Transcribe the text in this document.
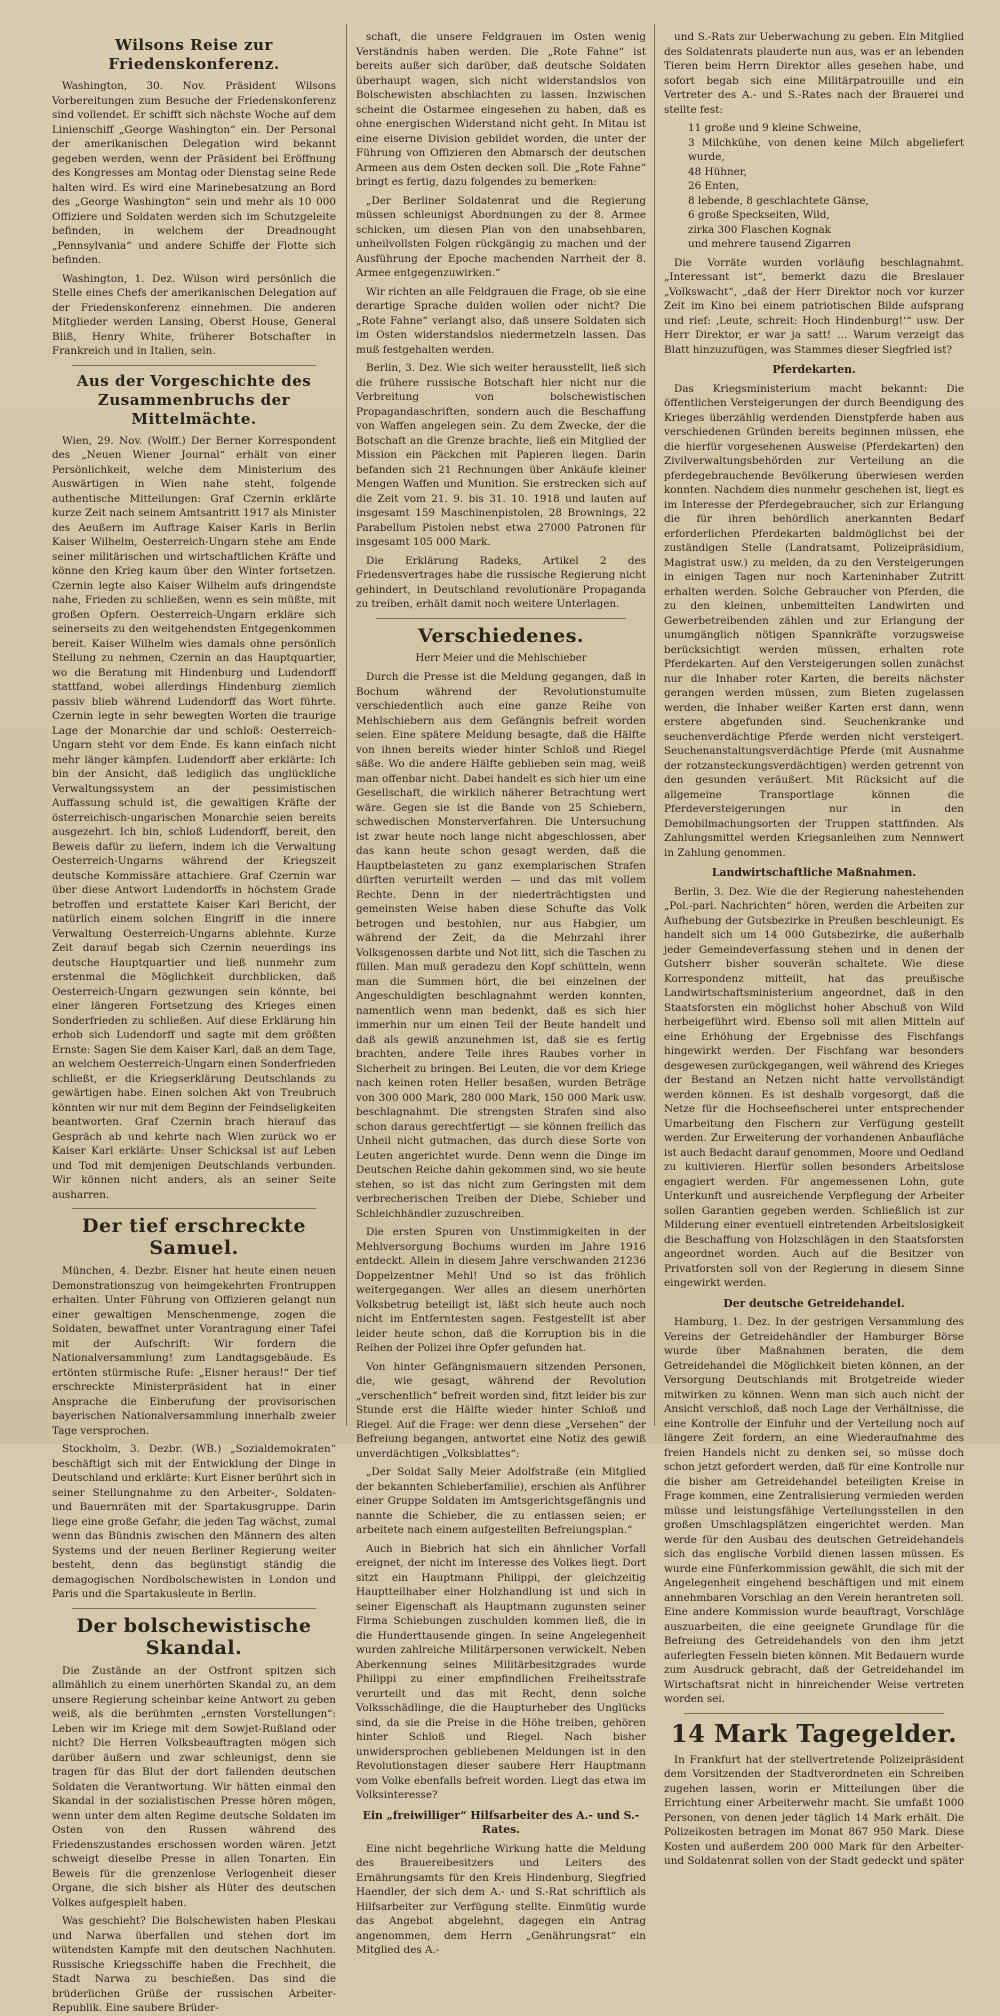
Wilsons Reise zur Friedenskonferenz.

Washington, 30. Nov. Präsident Wilsons Vorbereitungen zum Besuche der Friedenskonferenz sind vollendet. Er schifft sich nächste Woche auf dem Linienschiff „George Washington“ ein. Der Personal der amerikanischen Delegation wird bekannt gegeben werden, wenn der Präsident bei Eröffnung des Kongresses am Montag oder Dienstag seine Rede halten wird. Es wird eine Marinebesatzung an Bord des „George Washington“ sein und mehr als 10 000 Offiziere und Soldaten werden sich im Schutzgeleite befinden, in welchem der Dreadnought „Pennsylvania“ und andere Schiffe der Flotte sich befinden.

Washington, 1. Dez. Wilson wird persönlich die Stelle eines Chefs der amerikanischen Delegation auf der Friedenskonferenz einnehmen. Die anderen Mitglieder werden Lansing, Oberst House, General Bliß, Henry White, früherer Botschafter in Frankreich und in Italien, sein.

Aus der Vorgeschichte des Zusammenbruchs der Mittelmächte.

Wien, 29. Nov. (Wolff.) Der Berner Korrespondent des „Neuen Wiener Journal“ erhält von einer Persönlichkeit, welche dem Ministerium des Auswärtigen in Wien nahe steht, folgende authentische Mitteilungen: Graf Czernin erklärte kurze Zeit nach seinem Amtsantritt 1917 als Minister des Aeußern im Auftrage Kaiser Karls in Berlin Kaiser Wilhelm, Oesterreich-Ungarn stehe am Ende seiner militärischen und wirtschaftlichen Kräfte und könne den Krieg kaum über den Winter fortsetzen. Czernin legte also Kaiser Wilhelm aufs dringendste nahe, Frieden zu schließen, wenn es sein müßte, mit großen Opfern. Oesterreich-Ungarn erkläre sich seinerseits zu den weitgehendsten Entgegenkommen bereit. Kaiser Wilhelm wies damals ohne persönlich Stellung zu nehmen, Czernin an das Hauptquartier, wo die Beratung mit Hindenburg und Ludendorff stattfand, wobei allerdings Hindenburg ziemlich passiv blieb während Ludendorff das Wort führte. Czernin legte in sehr bewegten Worten die traurige Lage der Monarchie dar und schloß: Oesterreich-Ungarn steht vor dem Ende. Es kann einfach nicht mehr länger kämpfen. Ludendorff aber erklärte: Ich bin der Ansicht, daß lediglich das unglückliche Verwaltungssystem an der pessimistischen Auffassung schuld ist, die gewaltigen Kräfte der österreichisch-ungarischen Monarchie seien bereits ausgezehrt. Ich bin, schloß Ludendorff, bereit, den Beweis dafür zu liefern, indem ich die Verwaltung Oesterreich-Ungarns während der Kriegszeit deutsche Kommissäre attachiere. Graf Czernin war über diese Antwort Ludendorffs in höchstem Grade betroffen und erstattete Kaiser Karl Bericht, der natürlich einem solchen Eingriff in die innere Verwaltung Oesterreich-Ungarns ablehnte. Kurze Zeit darauf begab sich Czernin neuerdings ins deutsche Hauptquartier und ließ nunmehr zum erstenmal die Möglichkeit durchblicken, daß Oesterreich-Ungarn gezwungen sein könnte, bei einer längeren Fortsetzung des Krieges einen Sonderfrieden zu schließen. Auf diese Erklärung hin erhob sich Ludendorff und sagte mit dem größten Ernste: Sagen Sie dem Kaiser Karl, daß an dem Tage, an welchem Oesterreich-Ungarn einen Sonderfrieden schließt, er die Kriegserklärung Deutschlands zu gewärtigen habe. Einen solchen Akt von Treubruch könnten wir nur mit dem Beginn der Feindseligkeiten beantworten. Graf Czernin brach hierauf das Gespräch ab und kehrte nach Wien zurück wo er Kaiser Karl erklärte: Unser Schicksal ist auf Leben und Tod mit demjenigen Deutschlands verbunden. Wir können nicht anders, als an seiner Seite ausharren.

Der tief erschreckte Samuel.

München, 4. Dezbr. Eisner hat heute einen neuen Demonstrationszug von heimgekehrten Frontruppen erhalten. Unter Führung von Offizieren gelangt nun einer gewaltigen Menschenmenge, zogen die Soldaten, bewaffnet unter Vorantragung einer Tafel mit der Aufschrift: Wir fordern die Nationalversammlung! zum Landtagsgebäude. Es ertönten stürmische Rufe: „Eisner heraus!“ Der tief erschreckte Ministerpräsident hat in einer Ansprache die Einberufung der provisorischen bayerischen Nationalversammlung innerhalb zweier Tage versprochen.

Stockholm, 3. Dezbr. (WB.) „Sozialdemokraten“ beschäftigt sich mit der Entwicklung der Dinge in Deutschland und erklärte: Kurt Eisner berührt sich in seiner Stellungnahme zu den Arbeiter-, Soldaten- und Bauernräten mit der Spartakusgruppe. Darin liege eine große Gefahr, die jeden Tag wächst, zumal wenn das Bündnis zwischen den Männern des alten Systems und der neuen Berliner Regierung weiter besteht, denn das begünstigt ständig die demagogischen Nordbolschewisten in London und Paris und die Spartakusleute in Berlin.

Der bolschewistische Skandal.

Die Zustände an der Ostfront spitzen sich allmählich zu einem unerhörten Skandal zu, an dem unsere Regierung scheinbar keine Antwort zu geben weiß, als die berühmten „ernsten Vorstellungen“: Leben wir im Kriege mit dem Sowjet-Rußland oder nicht? Die Herren Volksbeauftragten mögen sich darüber äußern und zwar schleunigst, denn sie tragen für das Blut der dort fallenden deutschen Soldaten die Verantwortung. Wir hätten einmal den Skandal in der sozialistischen Presse hören mögen, wenn unter dem alten Regime deutsche Soldaten im Osten von den Russen während des Friedenszustandes erschossen worden wären. Jetzt schweigt dieselbe Presse in allen Tonarten. Ein Beweis für die grenzenlose Verlogenheit dieser Organe, die sich bisher als Hüter des deutschen Volkes aufgespielt haben.

Was geschieht? Die Bolschewisten haben Pleskau und Narwa überfallen und stehen dort im wütendsten Kampfe mit den deutschen Nachhuten. Russische Kriegsschiffe haben die Frechheit, die Stadt Narwa zu beschießen. Das sind die brüderlichen Grüße der russischen Arbeiter-Republik. Eine saubere Brüder-

schaft, die unsere Feldgrauen im Osten wenig Verständnis haben werden. Die „Rote Fahne“ ist bereits außer sich darüber, daß deutsche Soldaten überhaupt wagen, sich nicht widerstandslos von Bolschewisten abschlachten zu lassen. Inzwischen scheint die Ostarmee eingesehen zu haben, daß es ohne energischen Widerstand nicht geht. In Mitau ist eine eiserne Division gebildet worden, die unter der Führung von Offizieren den Abmarsch der deutschen Armeen aus dem Osten decken soll. Die „Rote Fahne“ bringt es fertig, dazu folgendes zu bemerken:

„Der Berliner Soldatenrat und die Regierung müssen schleunigst Abordnungen zu der 8. Armee schicken, um diesen Plan von den unabsehbaren, unheilvollsten Folgen rückgängig zu machen und der Ausführung der Epoche machenden Narrheit der 8. Armee entgegenzuwirken.“

Wir richten an alle Feldgrauen die Frage, ob sie eine derartige Sprache dulden wollen oder nicht? Die „Rote Fahne“ verlangt also, daß unsere Soldaten sich im Osten widerstandslos niedermetzeln lassen. Das muß festgehalten werden.

Berlin, 3. Dez. Wie sich weiter herausstellt, ließ sich die frühere russische Botschaft hier nicht nur die Verbreitung von bolschewistischen Propagandaschriften, sondern auch die Beschaffung von Waffen angelegen sein. Zu dem Zwecke, der die Botschaft an die Grenze brachte, ließ ein Mitglied der Mission ein Päckchen mit Papieren liegen. Darin befanden sich 21 Rechnungen über Ankäufe kleiner Mengen Waffen und Munition. Sie erstrecken sich auf die Zeit vom 21. 9. bis 31. 10. 1918 und lauten auf insgesamt 159 Maschinenpistolen, 28 Brownings, 22 Parabellum Pistolen nebst etwa 27000 Patronen für insgesamt 105 000 Mark.

Die Erklärung Radeks, Artikel 2 des Friedensvertrages habe die russische Regierung nicht gehindert, in Deutschland revolutionäre Propaganda zu treiben, erhält damit noch weitere Unterlagen.

Verschiedenes.
Herr Meier und die Mehlschieber

Durch die Presse ist die Meldung gegangen, daß in Bochum während der Revolutionstumulte verschiedentlich auch eine ganze Reihe von Mehlschiebern aus dem Gefängnis befreit worden seien. Eine spätere Meldung besagte, daß die Hälfte von ihnen bereits wieder hinter Schloß und Riegel säße. Wo die andere Hälfte geblieben sein mag, weiß man offenbar nicht. Dabei handelt es sich hier um eine Gesellschaft, die wirklich näherer Betrachtung wert wäre. Gegen sie ist die Bande von 25 Schiebern, schwedischen Monsterverfahren. Die Untersuchung ist zwar heute noch lange nicht abgeschlossen, aber das kann heute schon gesagt werden, daß die Hauptbelasteten zu ganz exemplarischen Strafen dürften verurteilt werden — und das mit vollem Rechte. Denn in der niederträchtigsten und gemeinsten Weise haben diese Schufte das Volk betrogen und bestohlen, nur aus Habgier, um während der Zeit, da die Mehrzahl ihrer Volksgenossen darbte und Not litt, sich die Taschen zu füllen. Man muß geradezu den Kopf schütteln, wenn man die Summen hört, die bei einzelnen der Angeschuldigten beschlagnahmt werden konnten, namentlich wenn man bedenkt, daß es sich hier immerhin nur um einen Teil der Beute handelt und daß als gewiß anzunehmen ist, daß sie es fertig brachten, andere Teile ihres Raubes vorher in Sicherheit zu bringen. Bei Leuten, die vor dem Kriege nach keinen roten Heller besaßen, wurden Beträge von 300 000 Mark, 280 000 Mark, 150 000 Mark usw. beschlagnahmt. Die strengsten Strafen sind also schon daraus gerechtfertigt — sie können freilich das Unheil nicht gutmachen, das durch diese Sorte von Leuten angerichtet wurde. Denn wenn die Dinge im Deutschen Reiche dahin gekommen sind, wo sie heute stehen, so ist das nicht zum Geringsten mit dem verbrecherischen Treiben der Diebe, Schieber und Schleichhändler zuzuschreiben.

Die ersten Spuren von Unstimmigkeiten in der Mehlversorgung Bochums wurden im Jahre 1916 entdeckt. Allein in diesem Jahre verschwanden 21236 Doppelzentner Mehl! Und so ist das fröhlich weitergegangen. Wer alles an diesem unerhörten Volksbetrug beteiligt ist, läßt sich heute auch noch nicht im Entferntesten sagen. Festgestellt ist aber leider heute schon, daß die Korruption bis in die Reihen der Polizei ihre Opfer gefunden hat.

Von hinter Gefängnismauern sitzenden Personen, die, wie gesagt, während der Revolution „verschentlich“ befreit worden sind, fitzt leider bis zur Stunde erst die Hälfte wieder hinter Schloß und Riegel. Auf die Frage: wer denn diese „Versehen“ der Befreiung begangen, antwortet eine Notiz des gewiß unverdächtigen „Volksblattes“:

„Der Soldat Sally Meier Adolfstraße (ein Mitglied der bekannten Schieberfamilie), erschien als Anführer einer Gruppe Soldaten im Amtsgerichtsgefängnis und nannte die Schieber, die zu entlassen seien; er arbeitete nach einem aufgestellten Befreiungsplan.“

Auch in Biebrich hat sich ein ähnlicher Vorfall ereignet, der nicht im Interesse des Volkes liegt. Dort sitzt ein Hauptmann Philippi, der gleichzeitig Hauptteilhaber einer Holzhandlung ist und sich in seiner Eigenschaft als Hauptmann zugunsten seiner Firma Schiebungen zuschulden kommen ließ, die in die Hunderttausende gingen. In seine Angelegenheit wurden zahlreiche Militärpersonen verwickelt. Neben Aberkennung seines Militärbesitzgrades wurde Philippi zu einer empfindlichen Freiheitsstrafe verurteilt und das mit Recht, denn solche Volksschädlinge, die die Haupturheber des Unglücks sind, da sie die Preise in die Höhe treiben, gehören hinter Schloß und Riegel. Nach bisher unwidersprochen gebliebenen Meldungen ist in den Revolutionstagen dieser saubere Herr Hauptmann vom Volke ebenfalls befreit worden. Liegt das etwa im Volksinteresse?

Ein „freiwilliger“ Hilfsarbeiter des A.- und S.-Rates.

Eine nicht begehrliche Wirkung hatte die Meldung des Brauereibesitzers und Leiters des Ernährungsamts für den Kreis Hindenburg, Siegfried Haendler, der sich dem A.- und S.-Rat schriftlich als Hilfsarbeiter zur Verfügung stellte. Einmütig wurde das Angebot abgelehnt, dagegen ein Antrag angenommen, dem Herrn „Genährungsrat“ ein Mitglied des A.-

und S.-Rats zur Ueberwachung zu geben. Ein Mitglied des Soldatenrats plauderte nun aus, was er an lebenden Tieren beim Herrn Direktor alles gesehen habe, und sofort begab sich eine Militärpatrouille und ein Vertreter des A.- und S.-Rates nach der Brauerei und stellte fest:

11 große und 9 kleine Schweine,
3 Milchkühe, von denen keine Milch abgeliefert wurde,
48 Hühner,
26 Enten,
8 lebende, 8 geschlachtete Gänse,
6 große Speckseiten, Wild,
zirka 300 Flaschen Kognak
und mehrere tausend Zigarren

Die Vorräte wurden vorläufig beschlagnahmt. „Interessant ist“, bemerkt dazu die Breslauer „Volkswacht“, „daß der Herr Direktor noch vor kurzer Zeit im Kino bei einem patriotischen Bilde aufsprang und rief: ‚Leute, schreit: Hoch Hindenburg!‘“ usw. Der Herr Direktor, er war ja satt! ... Warum verzeigt das Blatt hinzuzufügen, was Stammes dieser Siegfried ist?

Pferdekarten.

Das Kriegsministerium macht bekannt: Die öffentlichen Versteigerungen der durch Beendigung des Krieges überzählig werdenden Dienstpferde haben aus verschiedenen Gründen bereits beginnen müssen, ehe die hierfür vorgesehenen Ausweise (Pferdekarten) den Zivilverwaltungsbehörden zur Verteilung an die pferdegebrauchende Bevölkerung überwiesen werden konnten. Nachdem dies nunmehr geschehen ist, liegt es im Interesse der Pferdegebraucher, sich zur Erlangung die für ihren behördlich anerkannten Bedarf erforderlichen Pferdekarten baldmöglichst bei der zuständigen Stelle (Landratsamt, Polizeipräsidium, Magistrat usw.) zu melden, da zu den Versteigerungen in einigen Tagen nur noch Karteninhaber Zutritt erhalten werden. Solche Gebraucher von Pferden, die zu den kleinen, unbemittelten Landwirten und Gewerbetreibenden zählen und zur Erlangung der unumgänglich nötigen Spannkräfte vorzugsweise berücksichtigt werden müssen, erhalten rote Pferdekarten. Auf den Versteigerungen sollen zunächst nur die Inhaber roter Karten, die bereits nächster gerangen werden müssen, zum Bieten zugelassen werden, die Inhaber weißer Karten erst dann, wenn erstere abgefunden sind. Seuchenkranke und seuchenverdächtige Pferde werden nicht versteigert. Seuchenanstaltungsverdächtige Pferde (mit Ausnahme der rotzansteckungsverdächtigen) werden getrennt von den gesunden veräußert. Mit Rücksicht auf die allgemeine Transportlage können die Pferdeversteigerungen nur in den Demobilmachungsorten der Truppen stattfinden. Als Zahlungsmittel werden Kriegsanleihen zum Nennwert in Zahlung genommen.

Landwirtschaftliche Maßnahmen.

Berlin, 3. Dez. Wie die der Regierung nahestehenden „Pol.-parl. Nachrichten“ hören, werden die Arbeiten zur Aufhebung der Gutsbezirke in Preußen beschleunigt. Es handelt sich um 14 000 Gutsbezirke, die außerhalb jeder Gemeindeverfassung stehen und in denen der Gutsherr bisher souverän schaltete. Wie diese Korrespondenz mitteilt, hat das preußische Landwirtschaftsministerium angeordnet, daß in den Staatsforsten ein möglichst hoher Abschuß von Wild herbeigeführt wird. Ebenso soll mit allen Mitteln auf eine Erhöhung der Ergebnisse des Fischfangs hingewirkt werden. Der Fischfang war besonders desgewesen zurückgegangen, weil während des Krieges der Bestand an Netzen nicht hatte vervollständigt werden können. Es ist deshalb vorgesorgt, daß die Netze für die Hochseefischerei unter entsprechender Umarbeitung den Fischern zur Verfügung gestellt werden. Zur Erweiterung der vorhandenen Anbaufläche ist auch Bedacht darauf genommen, Moore und Oedland zu kultivieren. Hierfür sollen besonders Arbeitslose engagiert werden. Für angemessenen Lohn, gute Unterkunft und ausreichende Verpflegung der Arbeiter sollen Garantien gegeben werden. Schließlich ist zur Milderung einer eventuell eintretenden Arbeitslosigkeit die Beschaffung von Holzschlägen in den Staatsforsten angeordnet worden. Auch auf die Besitzer von Privatforsten soll von der Regierung in diesem Sinne eingewirkt werden.

Der deutsche Getreidehandel.

Hamburg, 1. Dez. In der gestrigen Versammlung des Vereins der Getreidehändler der Hamburger Börse wurde über Maßnahmen beraten, die dem Getreidehandel die Möglichkeit bieten können, an der Versorgung Deutschlands mit Brotgetreide wieder mitwirken zu können. Wenn man sich auch nicht der Ansicht verschloß, daß noch Lage der Verhältnisse, die eine Kontrolle der Einfuhr und der Verteilung noch auf längere Zeit fordern, an eine Wiederaufnahme des freien Handels nicht zu denken sei, so müsse doch schon jetzt gefordert werden, daß für eine Kontrolle nur die bisher am Getreidehandel beteiligten Kreise in Frage kommen, eine Zentralisierung vermieden werden müsse und leistungsfähige Verteilungsstellen in den großen Umschlagsplätzen eingerichtet werden. Man werde für den Ausbau des deutschen Getreidehandels sich das englische Vorbild dienen lassen müssen. Es wurde eine Fünferkommission gewählt, die sich mit der Angelegenheit eingehend beschäftigen und mit einem annehmbaren Vorschlag an den Verein herantreten soll. Eine andere Kommission wurde beauftragt, Vorschläge auszuarbeiten, die eine geeignete Grundlage für die Befreiung des Getreidehandels von den ihm jetzt auferlegten Fesseln bieten können. Mit Bedauern wurde zum Ausdruck gebracht, daß der Getreidehandel im Wirtschaftsrat nicht in hinreichender Weise vertreten worden sei.

14 Mark Tagegelder.

In Frankfurt hat der stellvertretende Polizeipräsident dem Vorsitzenden der Stadtverordneten ein Schreiben zugehen lassen, worin er Mitteilungen über die Errichtung einer Arbeiterwehr macht. Sie umfaßt 1000 Personen, von denen jeder täglich 14 Mark erhält. Die Polizeikosten betragen im Monat 867 950 Mark. Diese Kosten und außerdem 200 000 Mark für den Arbeiter- und Soldatenrat sollen von der Stadt gedeckt und später
